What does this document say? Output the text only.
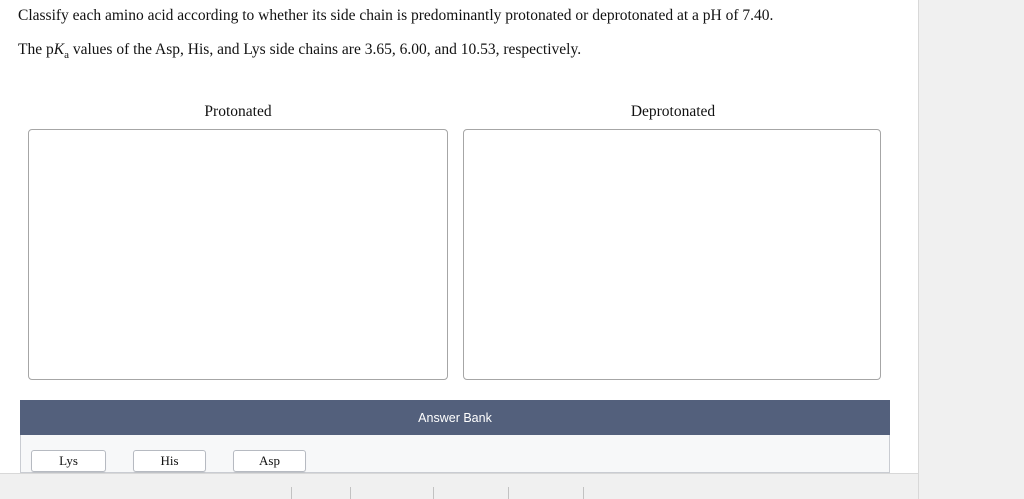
Classify each amino acid according to whether its side chain is predominantly protonated or deprotonated at a pH of 7.40.
The $pK_a$ values of the Asp, His, and Lys side chains are 3.65, 6.00, and 10.53, respectively.
Protonated	Deprotonated
Answer Bank
Lys	His	Asp
